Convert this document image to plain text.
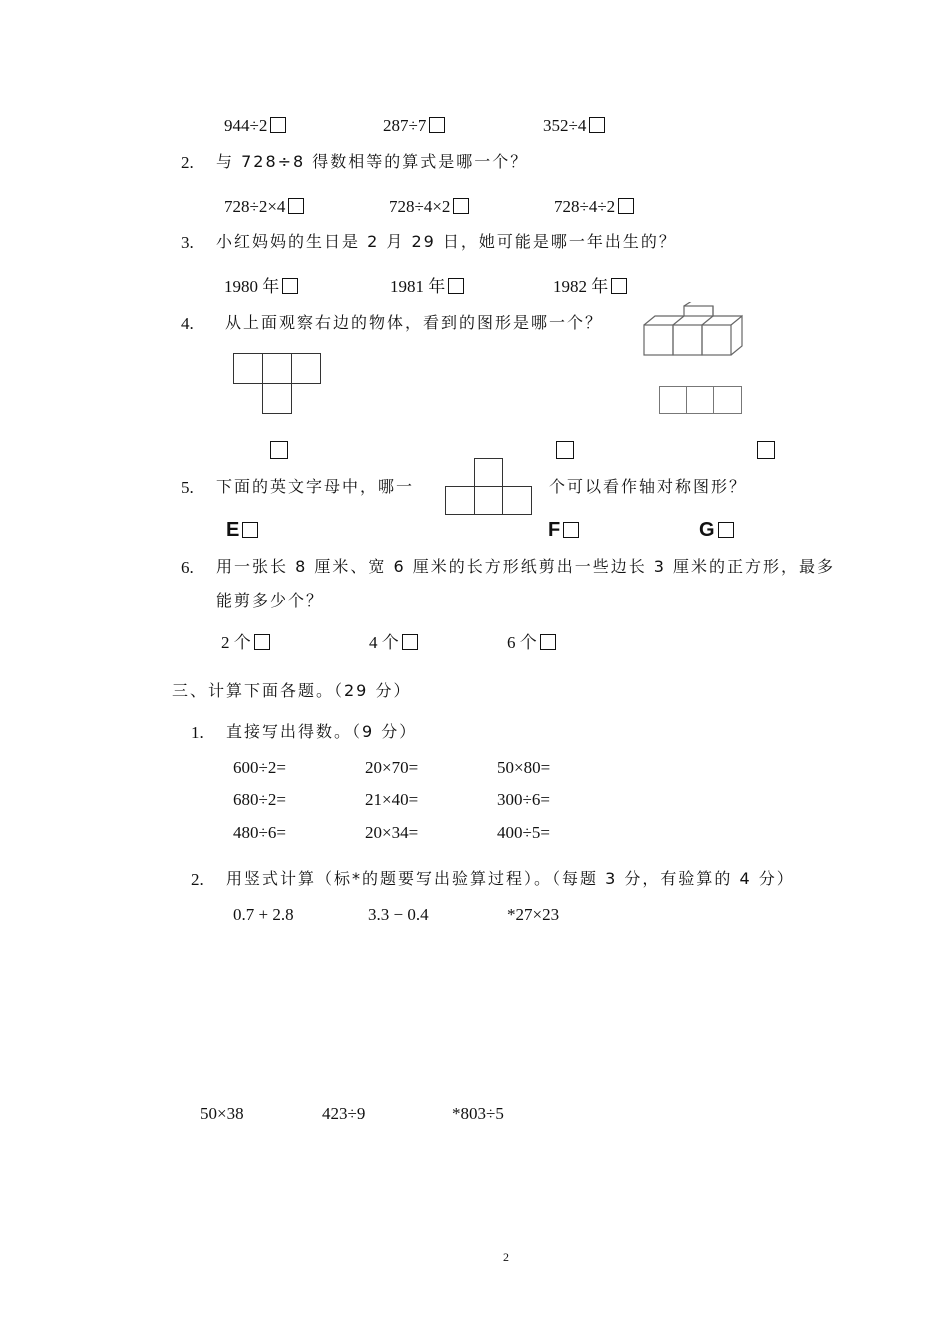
944÷2	287÷7	352÷4
2. 与 728÷8 得数相等的算式是哪一个？
728÷2×4	728÷4×2	728÷4÷2
3. 小红妈妈的生日是 2 月 29 日，她可能是哪一年出生的？
1980 年	1981 年	1982 年
4. 从上面观察右边的物体，看到的图形是哪一个？
5. 下面的英文字母中，哪一	个可以看作轴对称图形？
E	F	G
6. 用一张长 8 厘米、宽 6 厘米的长方形纸剪出一些边长 3 厘米的正方形，最多
能剪多少个？
2 个	4 个	6 个
三、计算下面各题。（29 分）
1. 直接写出得数。（9 分）
600÷2=	20×70=	50×80=
680÷2=	21×40=	300÷6=
480÷6=	20×34=	400÷5=
2. 用竖式计算（标*的题要写出验算过程）。（每题 3 分，有验算的 4 分）
0.7 + 2.8	3.3 − 0.4	*27×23
50×38	423÷9	*803÷5
2
